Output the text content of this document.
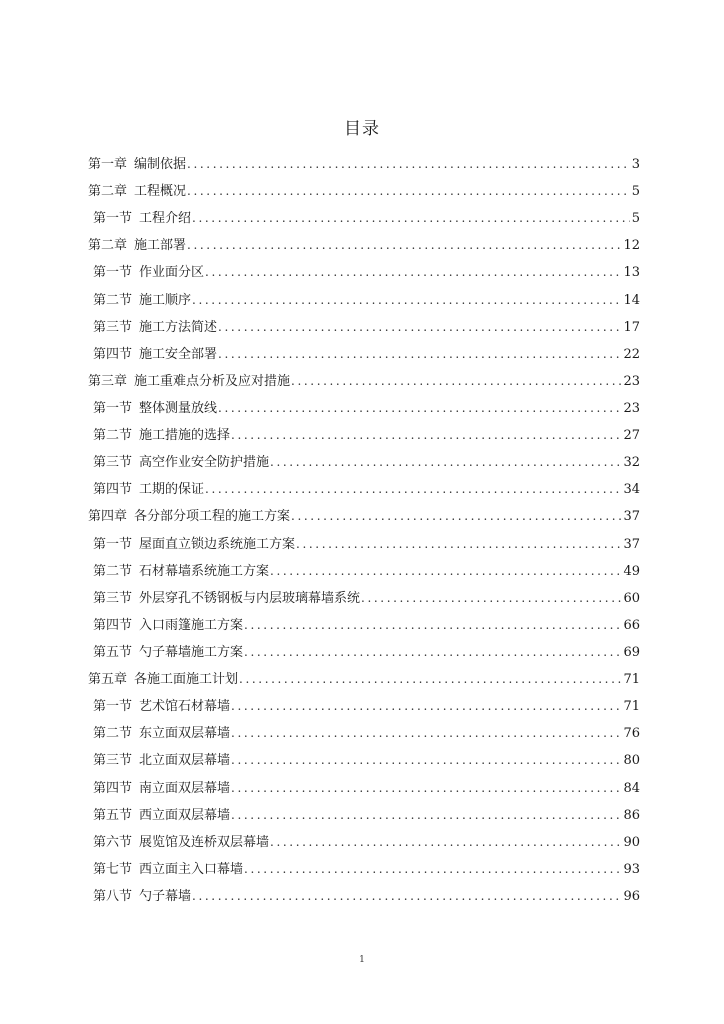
目录
第一章 编制依据 .....	3
第二章 工程概况 .....	5
第一节 工程介绍 .....	5
第二章 施工部署 .....	12
第一节 作业面分区 .....	13
第二节 施工顺序 .....	14
第三节 施工方法简述 .....	17
第四节 施工安全部署 .....	22
第三章 施工重难点分析及应对措施 .....	23
第一节 整体测量放线 .....	23
第二节 施工措施的选择 .....	27
第三节 高空作业安全防护措施 .....	32
第四节 工期的保证 .....	34
第四章 各分部分项工程的施工方案 .....	37
第一节 屋面直立锁边系统施工方案 .....	37
第二节 石材幕墙系统施工方案 .....	49
第三节 外层穿孔不锈钢板与内层玻璃幕墙系统 .....	60
第四节 入口雨篷施工方案 .....	66
第五节 勺子幕墙施工方案 .....	69
第五章 各施工面施工计划 .....	71
第一节 艺术馆石材幕墙 .....	71
第二节 东立面双层幕墙 .....	76
第三节 北立面双层幕墙 .....	80
第四节 南立面双层幕墙 .....	84
第五节 西立面双层幕墙 .....	86
第六节 展览馆及连桥双层幕墙 .....	90
第七节 西立面主入口幕墙 .....	93
第八节 勺子幕墙 .....	96
1
